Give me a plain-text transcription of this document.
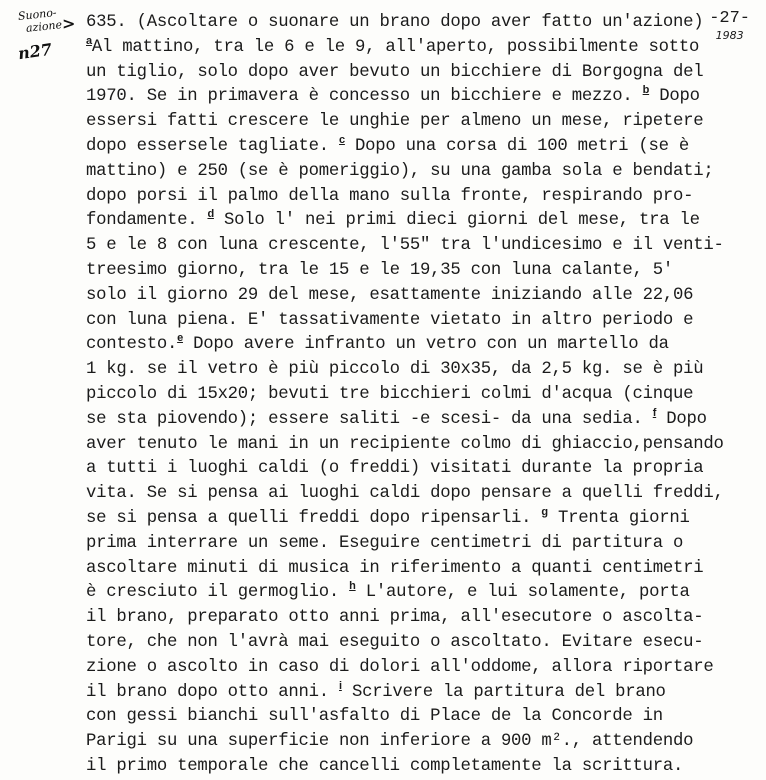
Suono-
azione >
n27
-27-
1983
635. (Ascoltare o suonare un brano dopo aver fatto un'azione)
$^a$Al mattino, tra le 6 e le 9, all'aperto, possibilmente sotto
un tiglio, solo dopo aver bevuto un bicchiere di Borgogna del
1970. Se in primavera è concesso un bicchiere e mezzo. $^b$ Dopo
essersi fatti crescere le unghie per almeno un mese, ripetere
dopo essersele tagliate. $^c$ Dopo una corsa di 100 metri (se è
mattino) e 250 (se è pomeriggio), su una gamba sola e bendati;
dopo porsi il palmo della mano sulla fronte, respirando pro-
fondamente. $^d$ Solo l' nei primi dieci giorni del mese, tra le
5 e le 8 con luna crescente, l'55" tra l'undicesimo e il venti-
treesimo giorno, tra le 15 e le 19,35 con luna calante, 5'
solo il giorno 29 del mese, esattamente iniziando alle 22,06
con luna piena. E' tassativamente vietato in altro periodo e
contesto.$^e$ Dopo avere infranto un vetro con un martello da
1 kg. se il vetro è più piccolo di 30x35, da 2,5 kg. se è più
piccolo di 15x20; bevuti tre bicchieri colmi d'acqua (cinque
se sta piovendo); essere saliti -e scesi- da una sedia. $^f$ Dopo
aver tenuto le mani in un recipiente colmo di ghiaccio,pensando
a tutti i luoghi caldi (o freddi) visitati durante la propria
vita. Se si pensa ai luoghi caldi dopo pensare a quelli freddi,
se si pensa a quelli freddi dopo ripensarli. $^g$ Trenta giorni
prima interrare un seme. Eseguire centimetri di partitura o
ascoltare minuti di musica in riferimento a quanti centimetri
è cresciuto il germoglio. $^h$ L'autore, e lui solamente, porta
il brano, preparato otto anni prima, all'esecutore o ascolta-
tore, che non l'avrà mai eseguito o ascoltato. Evitare esecu-
zione o ascolto in caso di dolori all'oddome, allora riportare
il brano dopo otto anni. $^i$ Scrivere la partitura del brano
con gessi bianchi sull'asfalto di Place de la Concorde in
Parigi su una superficie non inferiore a 900 m²., attendendo
il primo temporale che cancelli completamente la scrittura.
